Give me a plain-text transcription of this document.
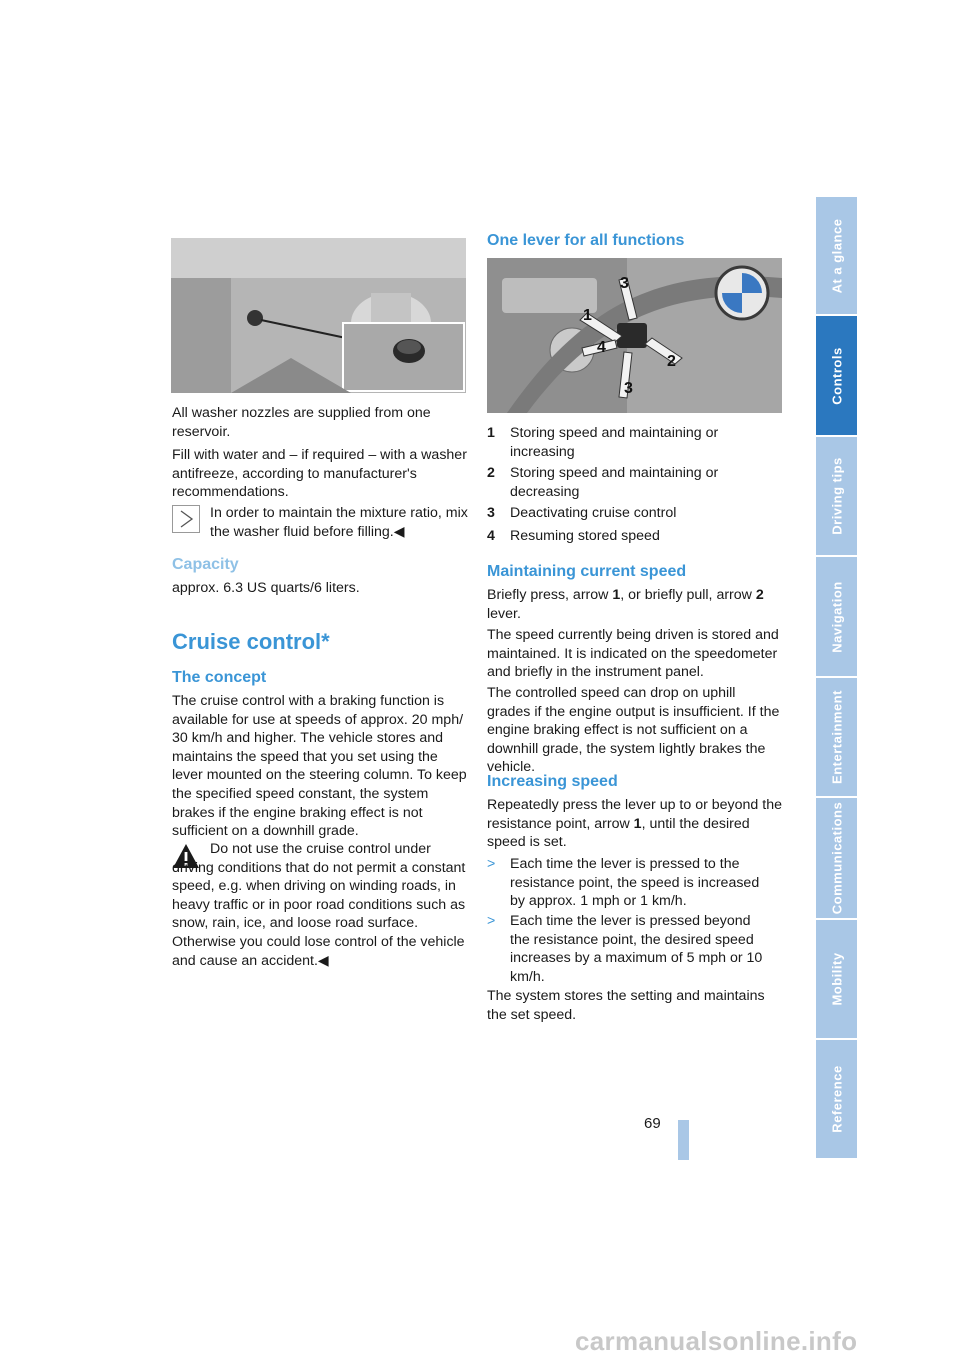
All washer nozzles are supplied from one reservoir.

Fill with water and – if required – with a washer antifreeze, according to manufacturer's recommendations.

In order to maintain the mixture ratio, mix the washer fluid before filling.◀

Capacity

approx. 6.3 US quarts/6 liters.

Cruise control*
The concept

The cruise control with a braking function is available for use at speeds of approx. 20 mph/ 30 km/h and higher. The vehicle stores and maintains the speed that you set using the lever mounted on the steering column. To keep the specified speed constant, the system brakes if the engine braking effect is not sufficient on a downhill grade.

Do not use the cruise control under driving conditions that do not permit a constant speed, e.g. when driving on winding roads, in heavy traffic or in poor road conditions such as snow, rain, ice, and loose road surface. Otherwise you could lose control of the vehicle and cause an accident.◀

One lever for all functions
1
2
3
3
4
1 Storing speed and maintaining or increasing
2 Storing speed and maintaining or decreasing
3 Deactivating cruise control
4 Resuming stored speed
Maintaining current speed

Briefly press, arrow 1, or briefly pull, arrow 2 lever.

The speed currently being driven is stored and maintained. It is indicated on the speedometer and briefly in the instrument panel.

The controlled speed can drop on uphill grades if the engine output is insufficient. If the engine braking effect is not sufficient on a downhill grade, the system lightly brakes the vehicle.

Increasing speed

Repeatedly press the lever up to or beyond the resistance point, arrow 1, until the desired speed is set.

> Each time the lever is pressed to the resistance point, the speed is increased by approx. 1 mph or 1 km/h.
> Each time the lever is pressed beyond the resistance point, the desired speed increases by a maximum of 5 mph or 10 km/h.

The system stores the setting and maintains the set speed.

69
At a glance
Controls
Driving tips
Navigation
Entertainment
Communications
Mobility
Reference
carmanualsonline.info
